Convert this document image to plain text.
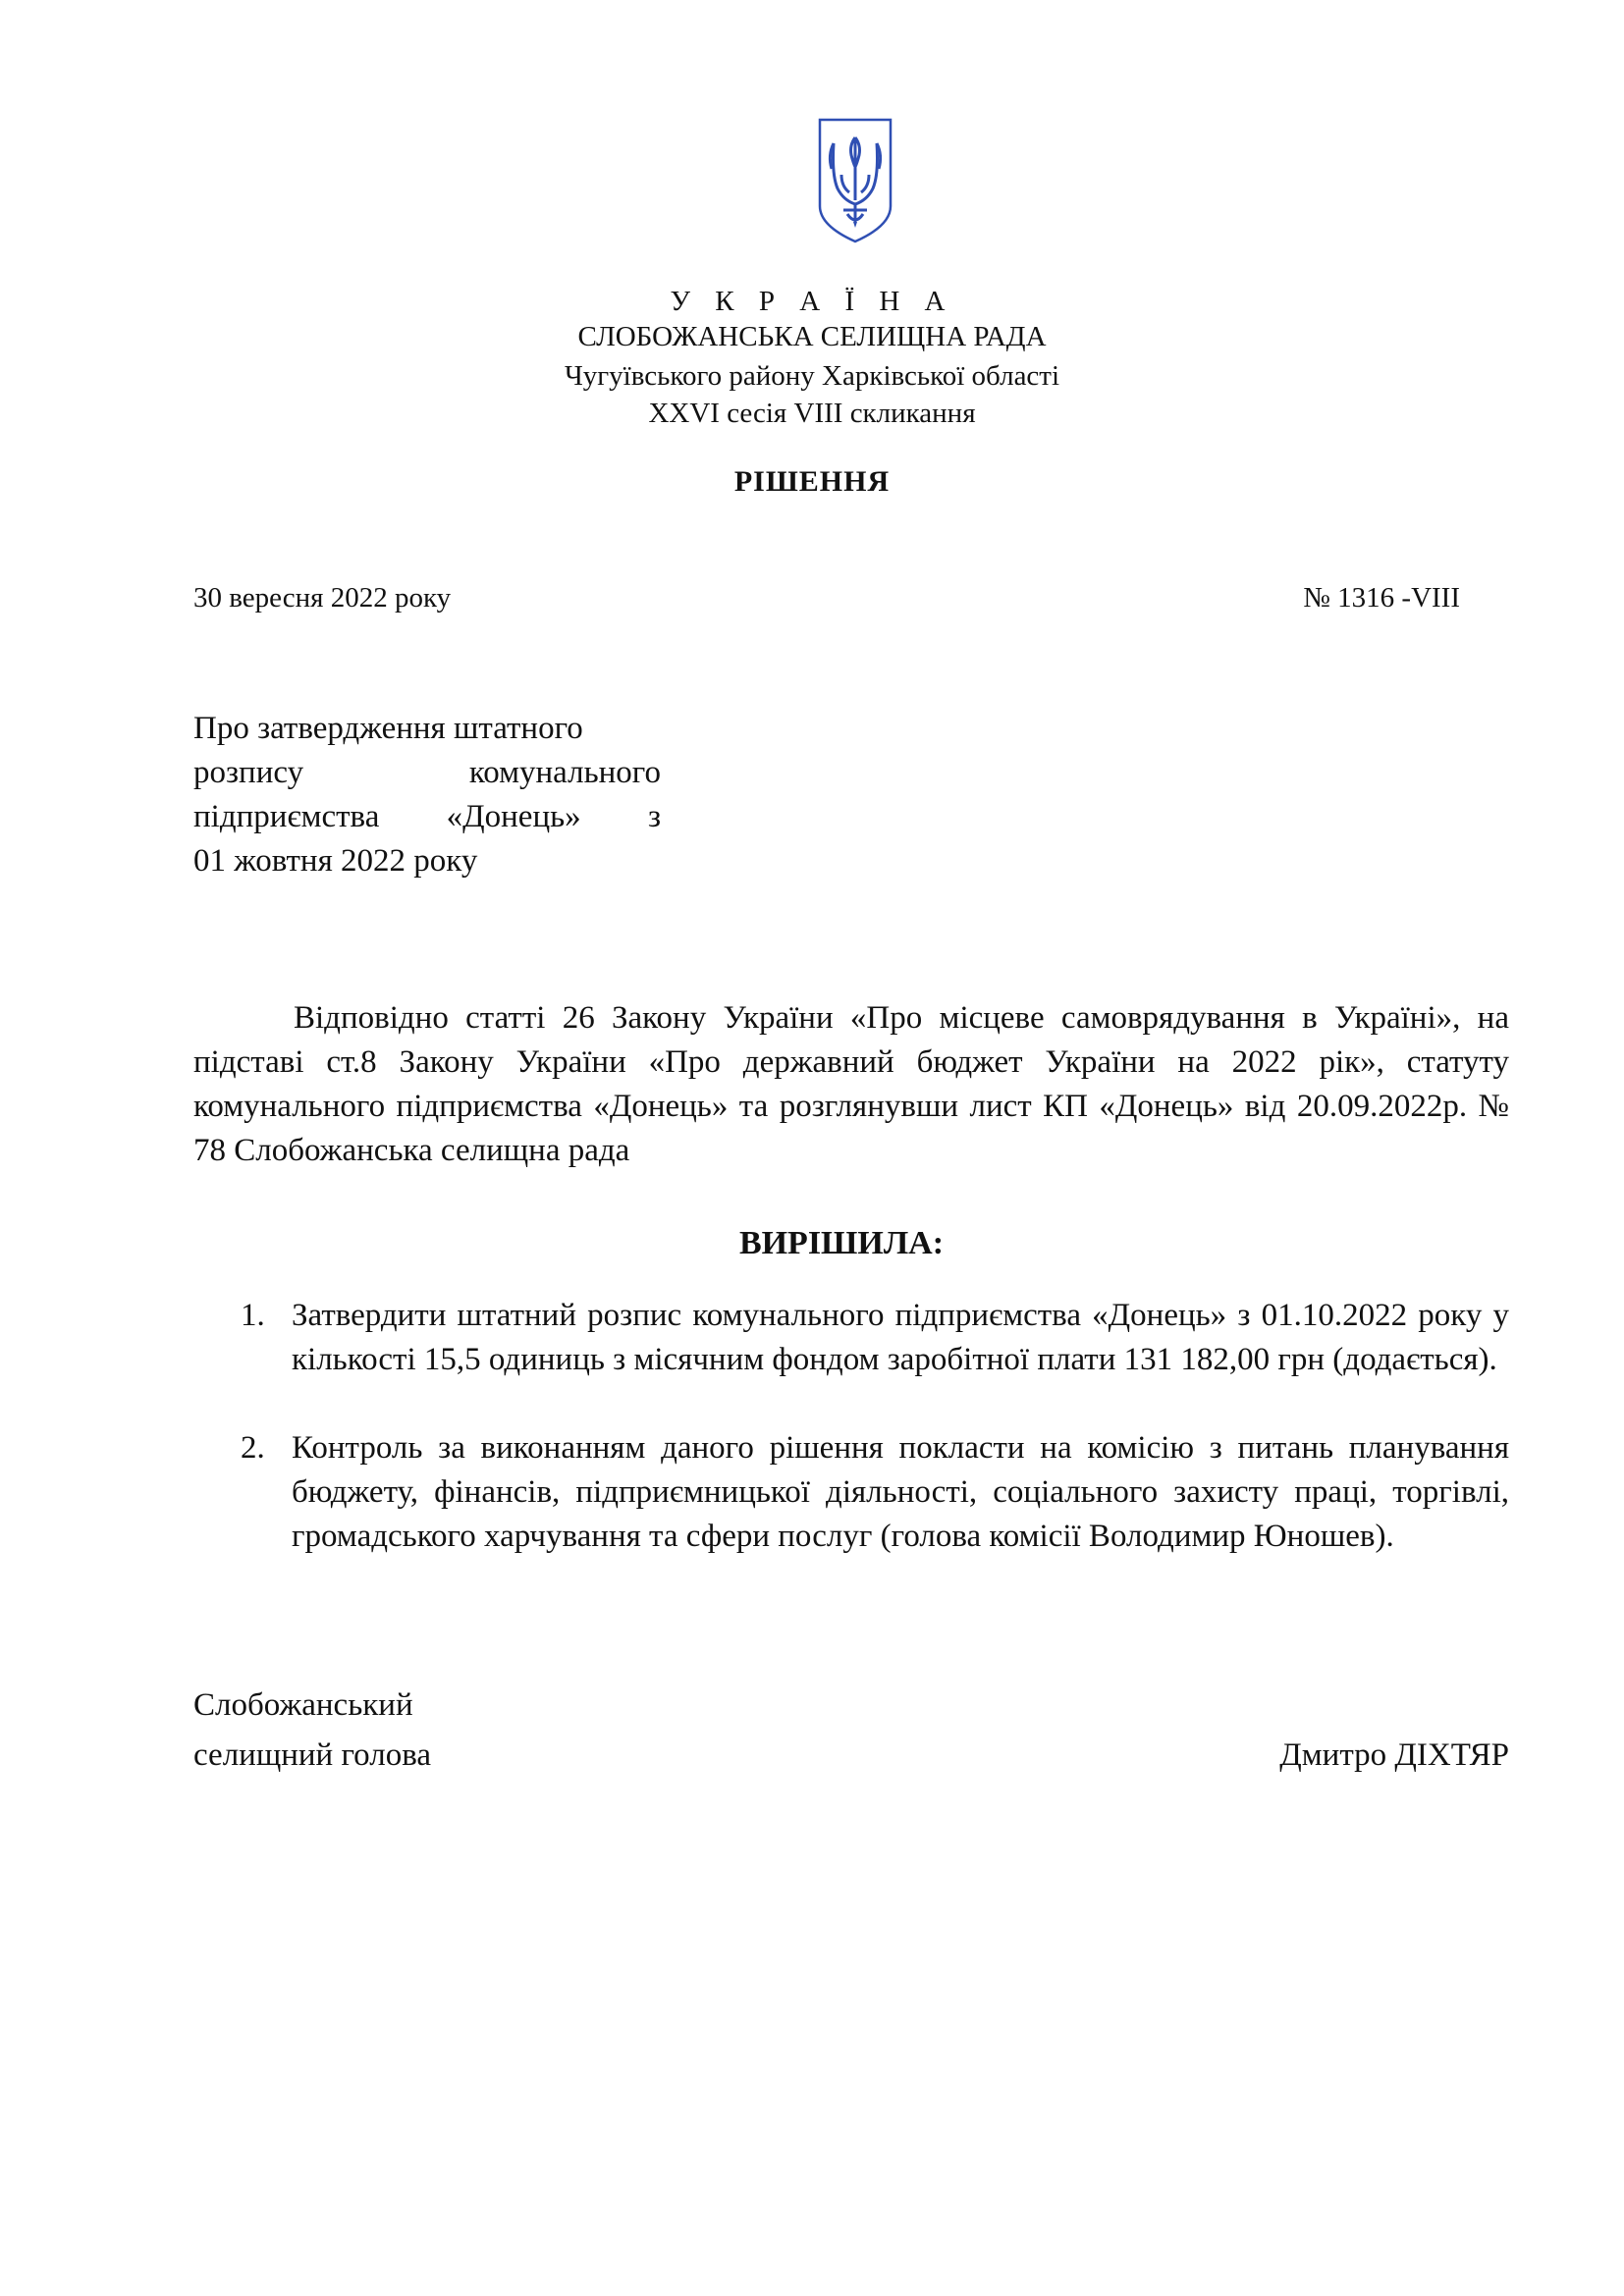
У К Р А Ї Н А
СЛОБОЖАНСЬКА СЕЛИЩНА РАДА
Чугуївського району Харківської області
XXVI сесія VIII скликання
РІШЕННЯ
30 вересня 2022 року	№ 1316 -VIII
Про затвердження штатного
розпису комунального
підприємства «Донець» з
01 жовтня 2022 року

Відповідно статті 26 Закону України «Про місцеве самоврядування в Україні», на підставі ст.8 Закону України «Про державний бюджет України на 2022 рік», статуту комунального підприємства «Донець» та розглянувши лист КП «Донець» від 20.09.2022р. № 78 Слобожанська селищна рада

ВИРІШИЛА:
1. Затвердити штатний розпис комунального підприємства «Донець» з 01.10.2022 року у кількості 15,5 одиниць з місячним фондом заробітної плати 131 182,00 грн (додається).
2. Контроль за виконанням даного рішення покласти на комісію з питань планування бюджету, фінансів, підприємницької діяльності, соціального захисту праці, торгівлі, громадського харчування та сфери послуг (голова комісії Володимир Юношев).
Слобожанський
селищний голова	Дмитро ДІХТЯР
